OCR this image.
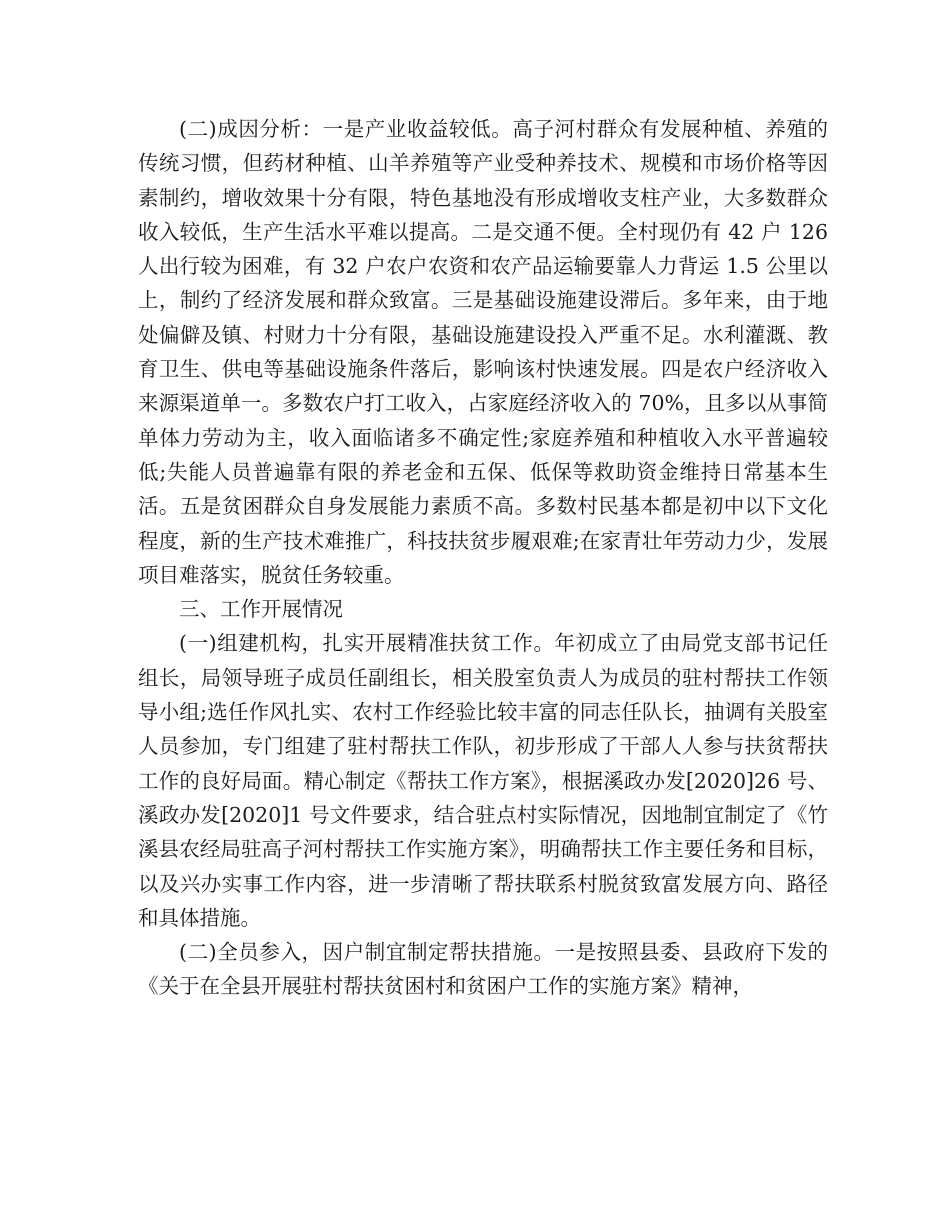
(二)成因分析：一是产业收益较低。高子河村群众有发展种植、养殖的传统习惯，但药材种植、山羊养殖等产业受种养技术、规模和市场价格等因素制约，增收效果十分有限，特色基地没有形成增收支柱产业，大多数群众收入较低，生产生活水平难以提高。二是交通不便。全村现仍有 42 户 126 人出行较为困难，有 32 户农户农资和农产品运输要靠人力背运 1.5 公里以上，制约了经济发展和群众致富。三是基础设施建设滞后。多年来，由于地处偏僻及镇、村财力十分有限，基础设施建设投入严重不足。水利灌溉、教育卫生、供电等基础设施条件落后，影响该村快速发展。四是农户经济收入来源渠道单一。多数农户打工收入，占家庭经济收入的 70%，且多以从事简单体力劳动为主，收入面临诸多不确定性;家庭养殖和种植收入水平普遍较低;失能人员普遍靠有限的养老金和五保、低保等救助资金维持日常基本生活。五是贫困群众自身发展能力素质不高。多数村民基本都是初中以下文化程度，新的生产技术难推广，科技扶贫步履艰难;在家青壮年劳动力少，发展项目难落实，脱贫任务较重。

三、工作开展情况

(一)组建机构，扎实开展精准扶贫工作。年初成立了由局党支部书记任组长，局领导班子成员任副组长，相关股室负责人为成员的驻村帮扶工作领导小组;选任作风扎实、农村工作经验比较丰富的同志任队长，抽调有关股室人员参加，专门组建了驻村帮扶工作队，初步形成了干部人人参与扶贫帮扶工作的良好局面。精心制定《帮扶工作方案》，根据溪政办发[2020]26 号、溪政办发[2020]1 号文件要求，结合驻点村实际情况，因地制宜制定了《竹溪县农经局驻高子河村帮扶工作实施方案》，明确帮扶工作主要任务和目标，以及兴办实事工作内容，进一步清晰了帮扶联系村脱贫致富发展方向、路径和具体措施。

(二)全员参入，因户制宜制定帮扶措施。一是按照县委、县政府下发的《关于在全县开展驻村帮扶贫困村和贫困户工作的实施方案》精神，
